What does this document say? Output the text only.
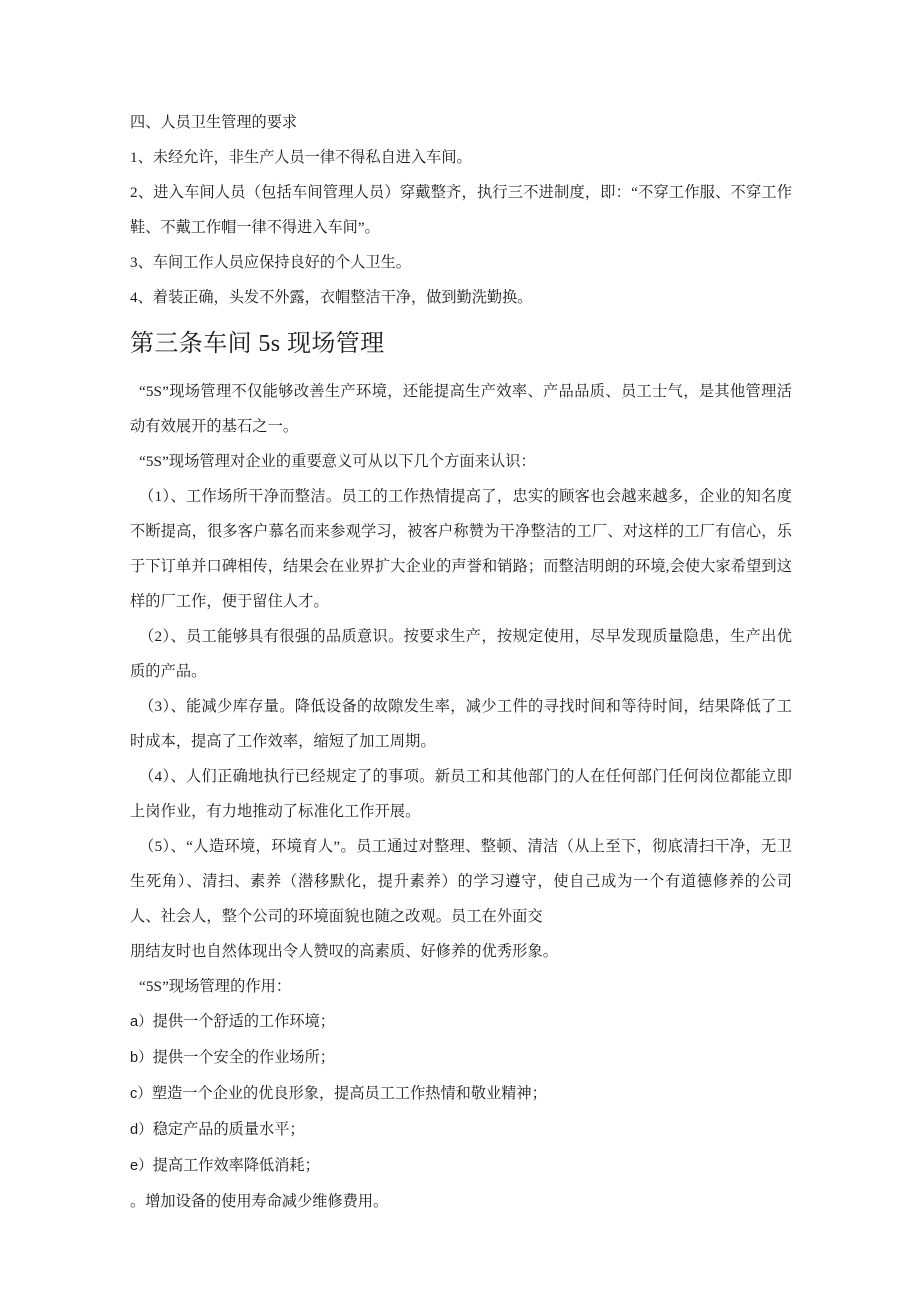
四、人员卫生管理的要求

1、未经允许，非生产人员一律不得私自进入车间。

2、进入车间人员（包括车间管理人员）穿戴整齐，执行三不进制度，即：“不穿工作服、不穿工作鞋、不戴工作帽一律不得进入车间”。

3、车间工作人员应保持良好的个人卫生。

4、着装正确，头发不外露，衣帽整洁干净，做到勤洗勤换。

第三条车间 5s 现场管理

“5S”现场管理不仅能够改善生产环境，还能提高生产效率、产品品质、员工士气，是其他管理活动有效展开的基石之一。

“5S”现场管理对企业的重要意义可从以下几个方面来认识：

（1）、工作场所干净而整洁。员工的工作热情提高了，忠实的顾客也会越来越多，企业的知名度不断提高，很多客户慕名而来参观学习，被客户称赞为干净整洁的工厂、对这样的工厂有信心，乐于下订单并口碑相传，结果会在业界扩大企业的声誉和销路；而整洁明朗的环境,会使大家希望到这样的厂工作，便于留住人才。

（2）、员工能够具有很强的品质意识。按要求生产，按规定使用，尽早发现质量隐患，生产出优质的产品。

（3）、能减少库存量。降低设备的故隙发生率，减少工件的寻找时间和等待时间，结果降低了工时成本，提高了工作效率，缩短了加工周期。

（4）、人们正确地执行已经规定了的事项。新员工和其他部门的人在任何部门任何岗位都能立即上岗作业，有力地推动了标准化工作开展。

（5）、“人造环境，环境育人”。员工通过对整理、整顿、清洁（从上至下，彻底清扫干净，无卫生死角）、清扫、素养（潜移默化，提升素养）的学习遵守，使自己成为一个有道德修养的公司人、社会人，整个公司的环境面貌也随之改观。员工在外面交

朋结友时也自然体现出令人赞叹的高素质、好修养的优秀形象。

“5S”现场管理的作用：

a）提供一个舒适的工作环境；

b）提供一个安全的作业场所；

c）塑造一个企业的优良形象，提高员工工作热情和敬业精神；

d）稳定产品的质量水平；

e）提高工作效率降低消耗；

。增加设备的使用寿命减少维修费用。
